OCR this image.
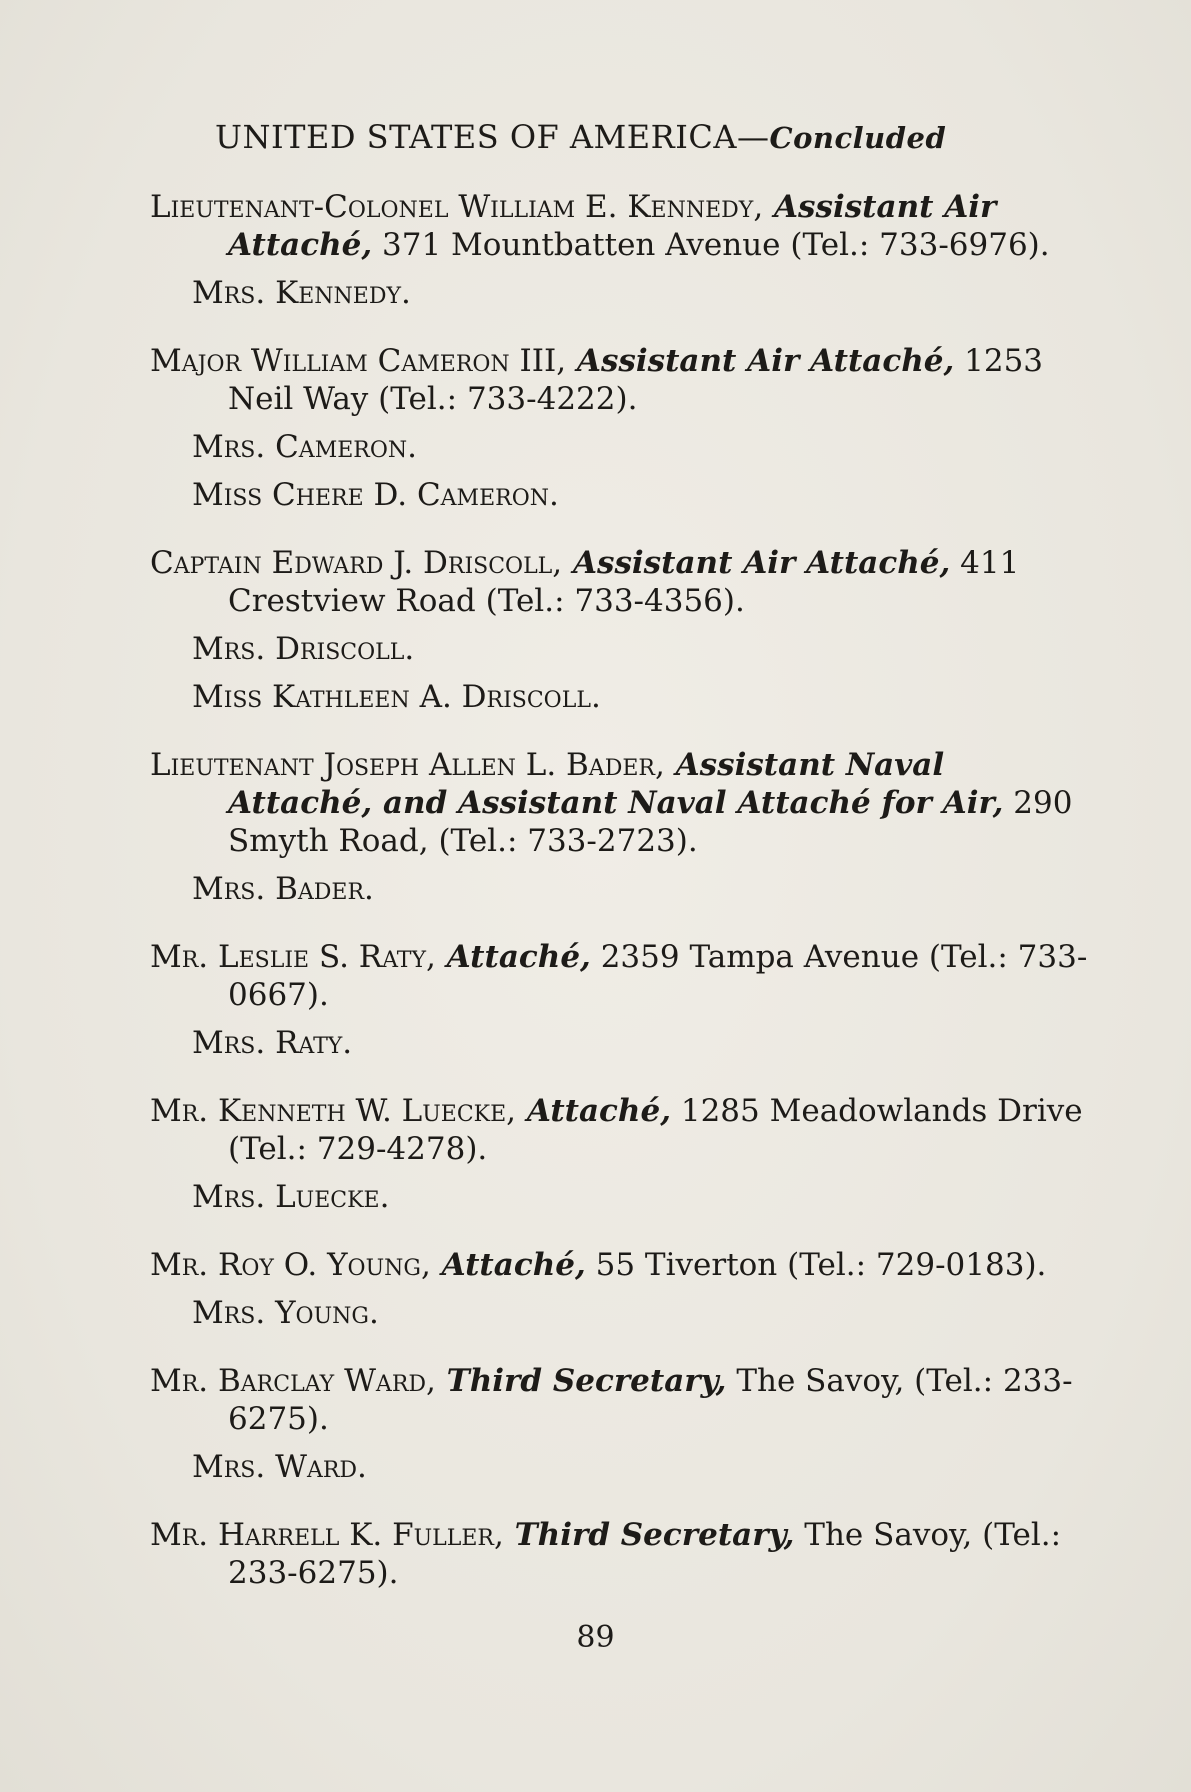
UNITED STATES OF AMERICA—Concluded
Lieutenant-Colonel William E. Kennedy, Assistant Air Attaché, 371 Mountbatten Avenue (Tel.: 733-6976).
Mrs. Kennedy.
Major William Cameron III, Assistant Air Attaché, 1253 Neil Way (Tel.: 733-4222).
Mrs. Cameron.
Miss Chere D. Cameron.
Captain Edward J. Driscoll, Assistant Air Attaché, 411 Crestview Road (Tel.: 733-4356).
Mrs. Driscoll.
Miss Kathleen A. Driscoll.
Lieutenant Joseph Allen L. Bader, Assistant Naval Attaché, and Assistant Naval Attaché for Air, 290 Smyth Road, (Tel.: 733-2723).
Mrs. Bader.
Mr. Leslie S. Raty, Attaché, 2359 Tampa Avenue (Tel.: 733-0667).
Mrs. Raty.
Mr. Kenneth W. Luecke, Attaché, 1285 Meadowlands Drive (Tel.: 729-4278).
Mrs. Luecke.
Mr. Roy O. Young, Attaché, 55 Tiverton (Tel.: 729-0183).
Mrs. Young.
Mr. Barclay Ward, Third Secretary, The Savoy, (Tel.: 233-6275).
Mrs. Ward.
Mr. Harrell K. Fuller, Third Secretary, The Savoy, (Tel.: 233-6275).
89
